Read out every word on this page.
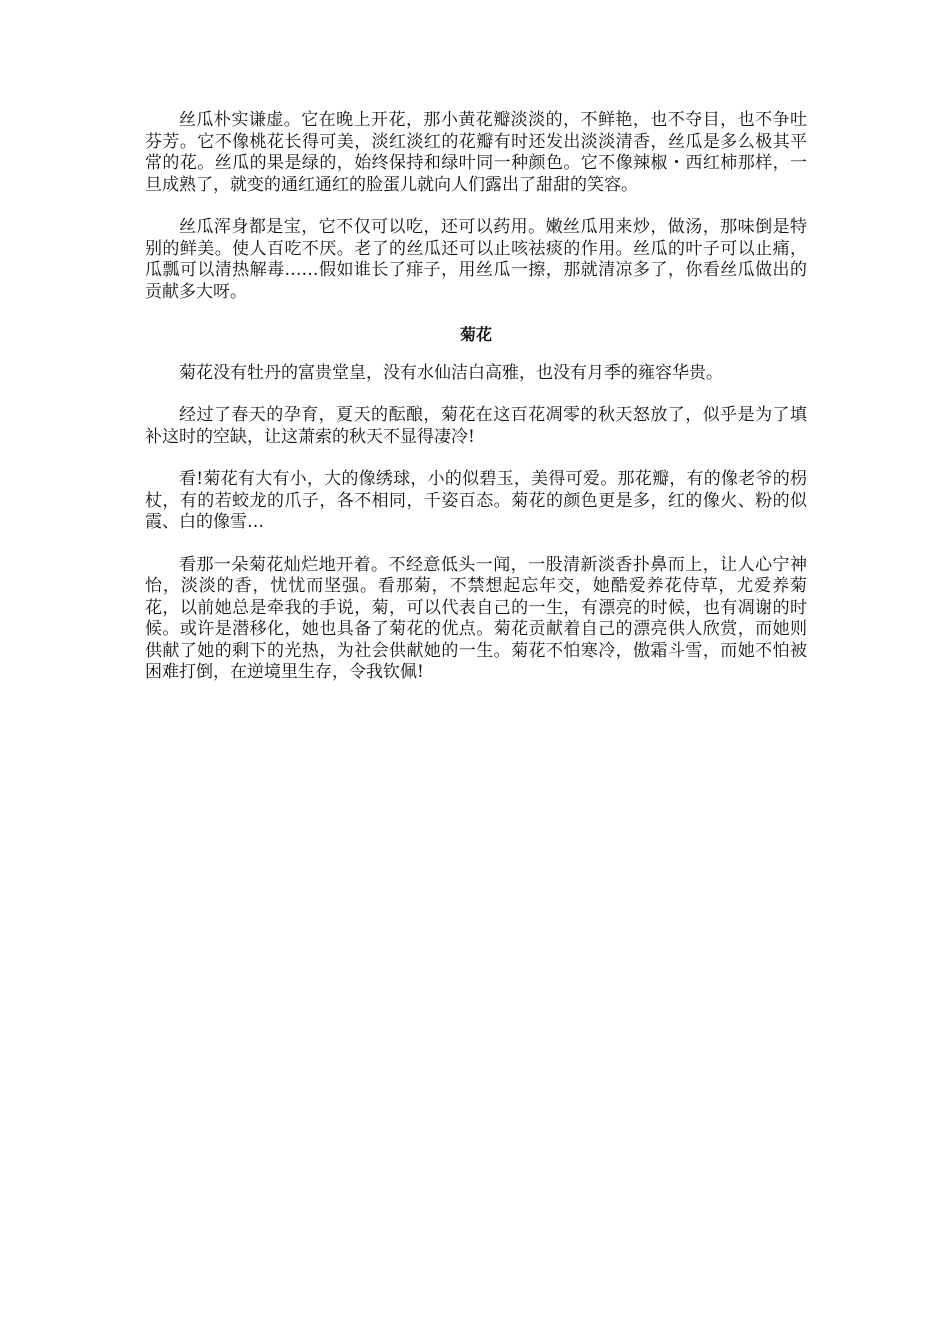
丝瓜朴实谦虚。它在晚上开花，那小黄花瓣淡淡的，不鲜艳，也不夺目，也不争吐芬芳。它不像桃花长得可美，淡红淡红的花瓣有时还发出淡淡清香，丝瓜是多么极其平常的花。丝瓜的果是绿的，始终保持和绿叶同一种颜色。它不像辣椒・西红柿那样，一旦成熟了，就变的通红通红的脸蛋儿就向人们露出了甜甜的笑容。

丝瓜浑身都是宝，它不仅可以吃，还可以药用。嫩丝瓜用来炒，做汤，那味倒是特别的鲜美。使人百吃不厌。老了的丝瓜还可以止咳祛痰的作用。丝瓜的叶子可以止痛，瓜瓢可以清热解毒……假如谁长了痱子，用丝瓜一擦，那就清凉多了，你看丝瓜做出的贡献多大呀。

菊花

菊花没有牡丹的富贵堂皇，没有水仙洁白高雅，也没有月季的雍容华贵。

经过了春天的孕育，夏天的酝酿，菊花在这百花凋零的秋天怒放了，似乎是为了填补这时的空缺，让这萧索的秋天不显得凄冷!

看!菊花有大有小，大的像绣球，小的似碧玉，美得可爱。那花瓣，有的像老爷的枴杖，有的若蛟龙的爪子，各不相同，千姿百态。菊花的颜色更是多，红的像火、粉的似霞、白的像雪…

看那一朵菊花灿烂地开着。不经意低头一闻，一股清新淡香扑鼻而上，让人心宁神怡，淡淡的香，忧忧而坚强。看那菊，不禁想起忘年交，她酷爱养花侍草，尤爱养菊花，以前她总是牵我的手说，菊，可以代表自己的一生，有漂亮的时候，也有凋谢的时候。或许是潜移化，她也具备了菊花的优点。菊花贡献着自己的漂亮供人欣赏，而她则供献了她的剩下的光热，为社会供献她的一生。菊花不怕寒冷，傲霜斗雪，而她不怕被困难打倒，在逆境里生存，令我钦佩!
